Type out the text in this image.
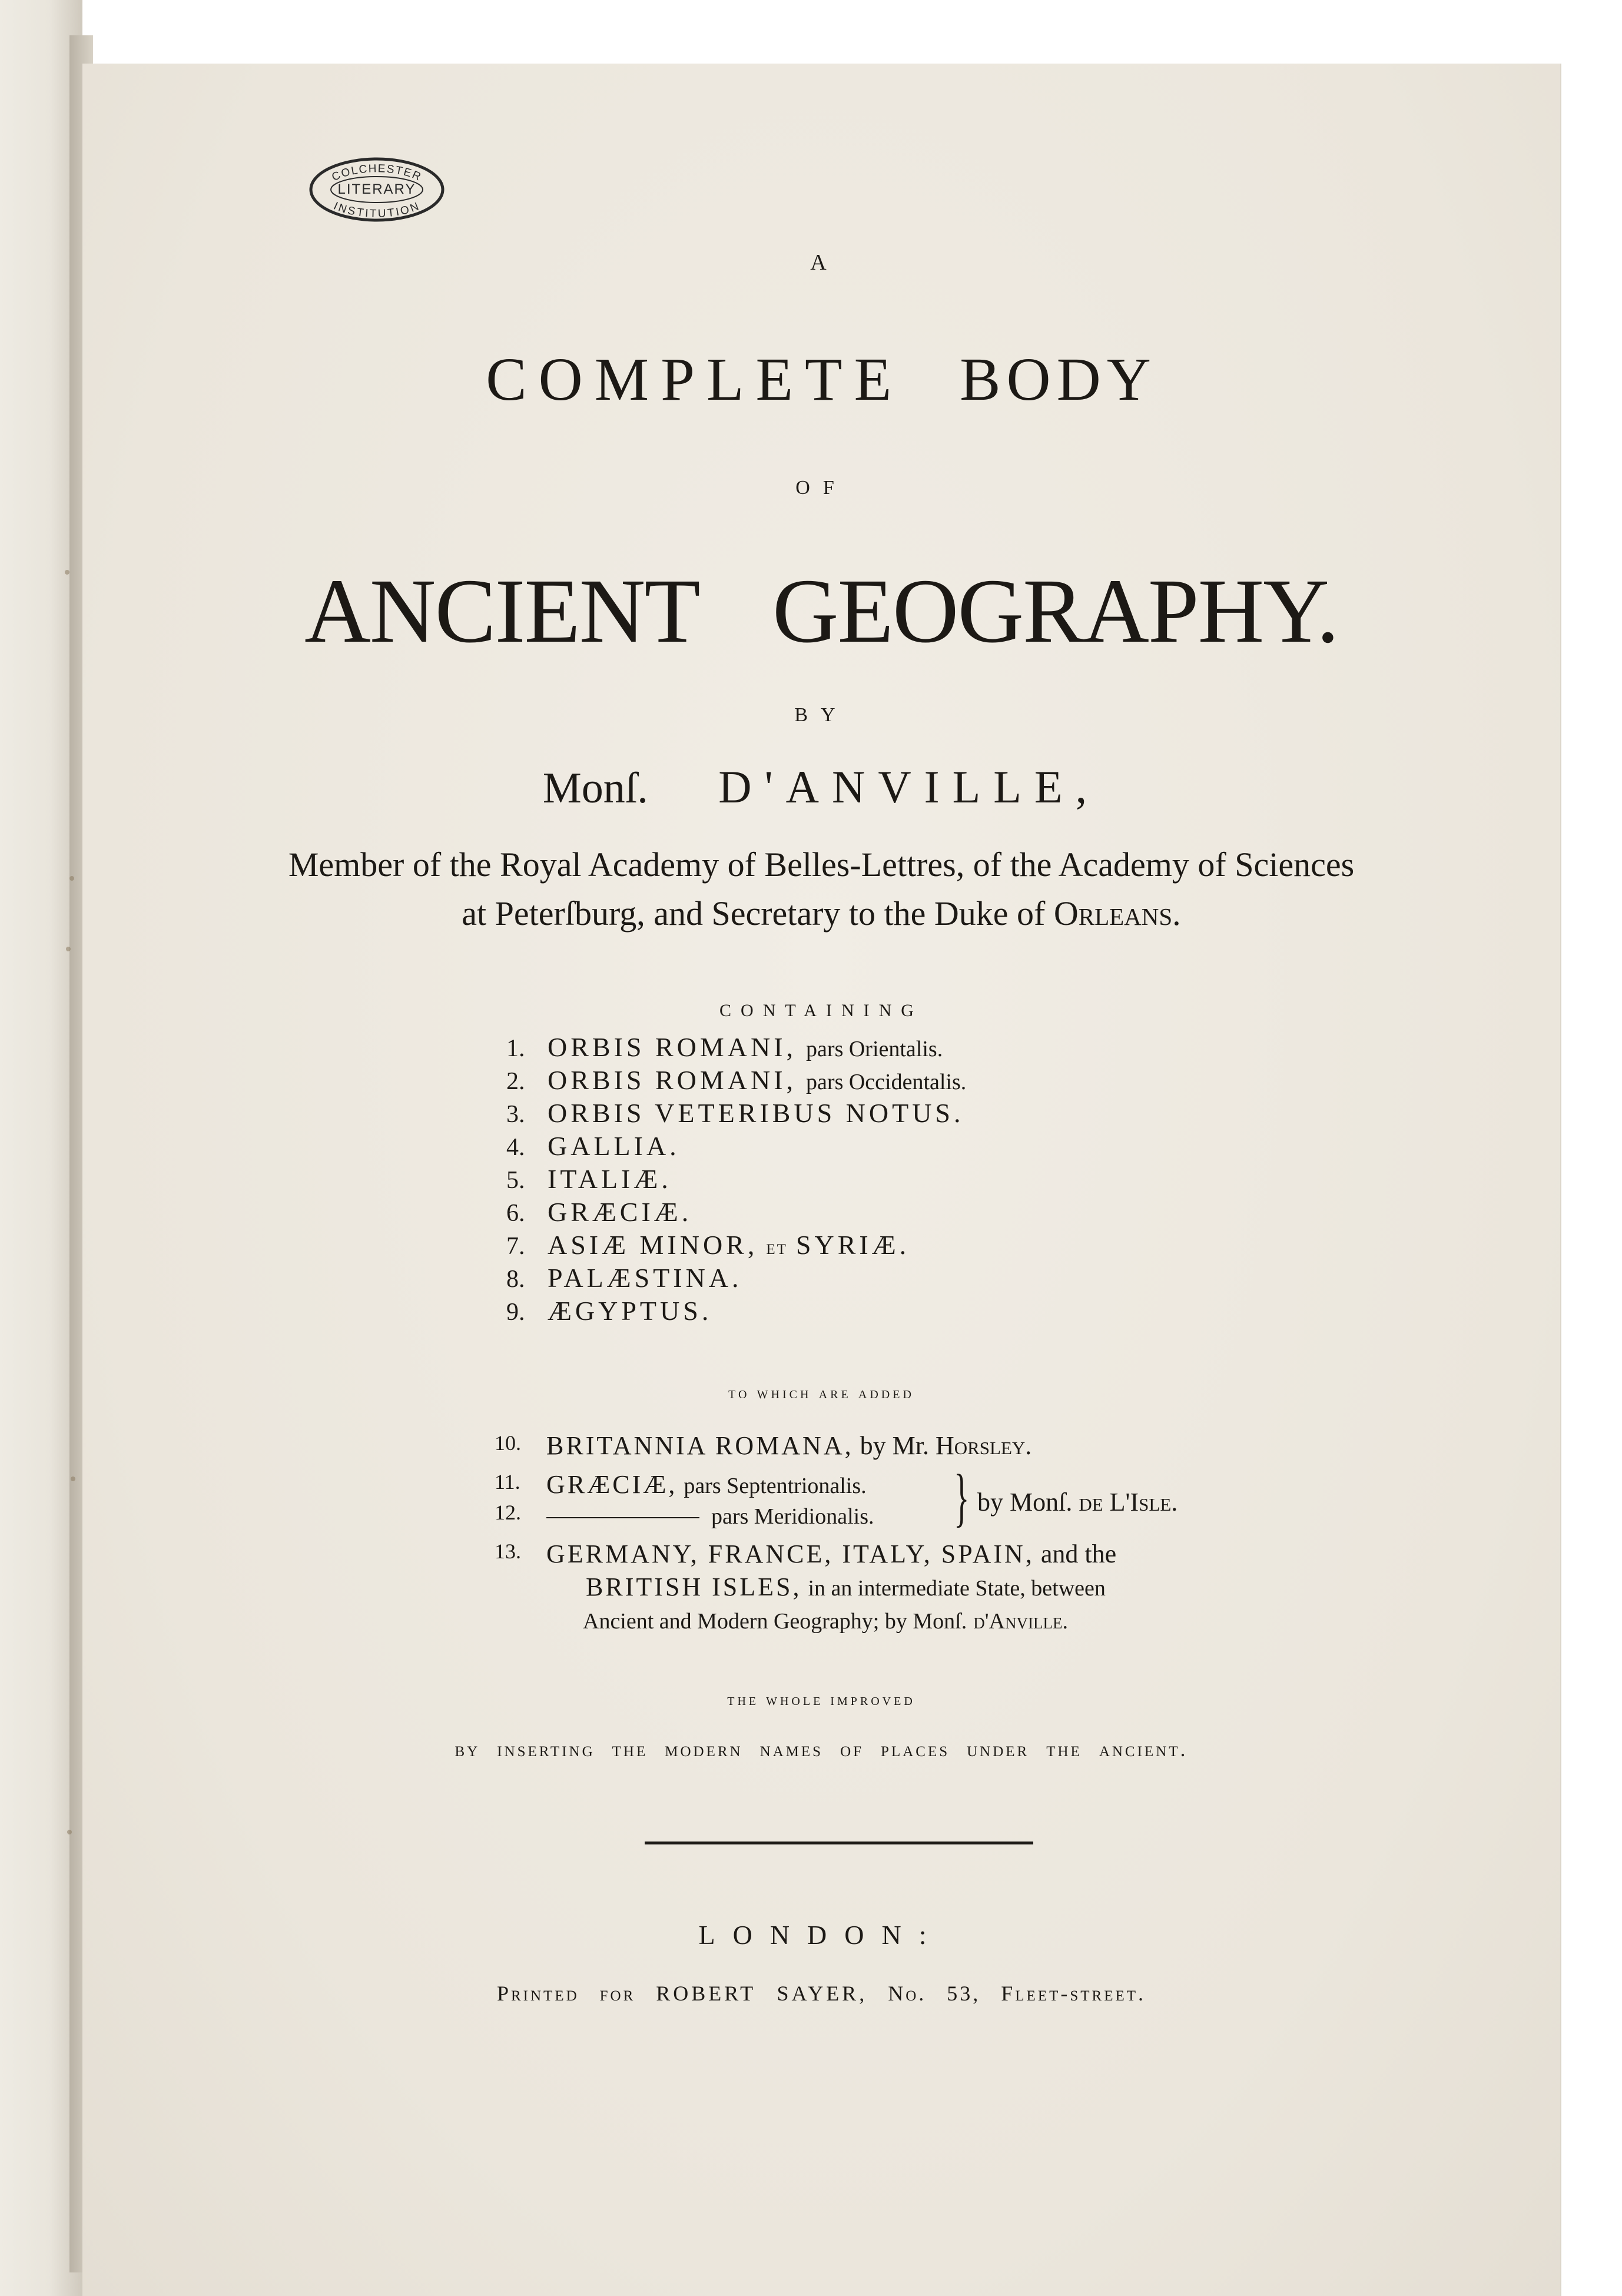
COLCHESTER
INSTITUTION
LITERARY
A
COMPLETE BODY
OF
ANCIENT GEOGRAPHY.
BY
Monſ. D'ANVILLE,
Member of the Royal Academy of Belles-Lettres, of the Academy of Sciences
at Peterſburg, and Secretary to the Duke of Orleans.
CONTAINING
1. ORBIS ROMANI, pars Orientalis.
2. ORBIS ROMANI, pars Occidentalis.
3. ORBIS VETERIBUS NOTUS.
4. GALLIA.
5. ITALIÆ.
6. GRÆCIÆ.
7. ASIÆ MINOR, et SYRIÆ.
8. PALÆSTINA.
9. ÆGYPTUS.
to which are added
10. BRITANNIA ROMANA, by Mr. Horsley.
11. GRÆCIÆ, pars Septentrionalis.
12.	pars Meridionalis. } by Monſ. de L'Isle.
13. GERMANY, FRANCE, ITALY, SPAIN, and the
BRITISH ISLES, in an intermediate State, between
Ancient and Modern Geography; by Monſ. d'Anville.
the whole improved
by inserting the modern names of places under the ancient.
LONDON:
Printed for ROBERT SAYER, No. 53, Fleet-street.
